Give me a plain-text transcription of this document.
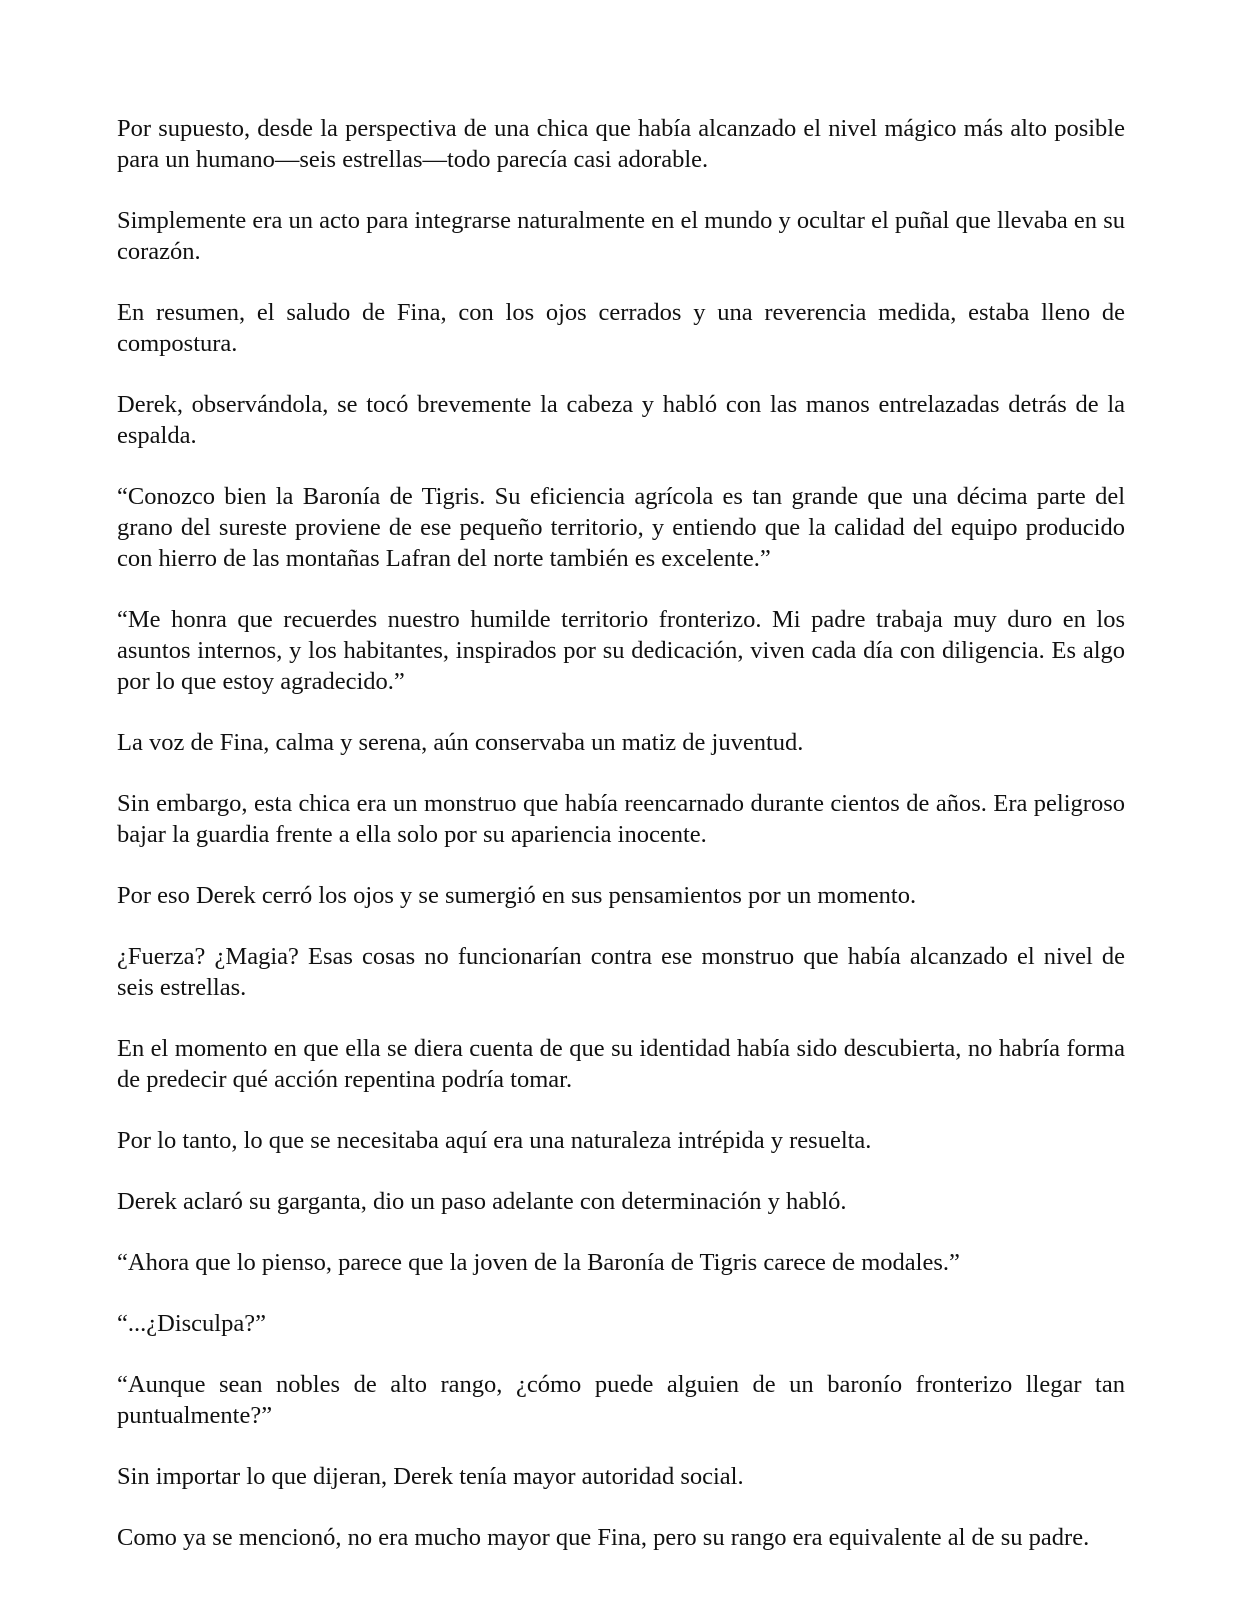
Por supuesto, desde la perspectiva de una chica que había alcanzado el nivel mágico más alto posible para un humano—seis estrellas—todo parecía casi adorable.

Simplemente era un acto para integrarse naturalmente en el mundo y ocultar el puñal que llevaba en su corazón.

En resumen, el saludo de Fina, con los ojos cerrados y una reverencia medida, estaba lleno de compostura.

Derek, observándola, se tocó brevemente la cabeza y habló con las manos entrelazadas detrás de la espalda.

“Conozco bien la Baronía de Tigris. Su eficiencia agrícola es tan grande que una décima parte del grano del sureste proviene de ese pequeño territorio, y entiendo que la calidad del equipo producido con hierro de las montañas Lafran del norte también es excelente.”

“Me honra que recuerdes nuestro humilde territorio fronterizo. Mi padre trabaja muy duro en los asuntos internos, y los habitantes, inspirados por su dedicación, viven cada día con diligencia. Es algo por lo que estoy agradecido.”

La voz de Fina, calma y serena, aún conservaba un matiz de juventud.

Sin embargo, esta chica era un monstruo que había reencarnado durante cientos de años. Era peligroso bajar la guardia frente a ella solo por su apariencia inocente.

Por eso Derek cerró los ojos y se sumergió en sus pensamientos por un momento.

¿Fuerza? ¿Magia? Esas cosas no funcionarían contra ese monstruo que había alcanzado el nivel de seis estrellas.

En el momento en que ella se diera cuenta de que su identidad había sido descubierta, no habría forma de predecir qué acción repentina podría tomar.

Por lo tanto, lo que se necesitaba aquí era una naturaleza intrépida y resuelta.

Derek aclaró su garganta, dio un paso adelante con determinación y habló.

“Ahora que lo pienso, parece que la joven de la Baronía de Tigris carece de modales.”

“...¿Disculpa?”

“Aunque sean nobles de alto rango, ¿cómo puede alguien de un baronío fronterizo llegar tan puntualmente?”

Sin importar lo que dijeran, Derek tenía mayor autoridad social.

Como ya se mencionó, no era mucho mayor que Fina, pero su rango era equivalente al de su padre.
